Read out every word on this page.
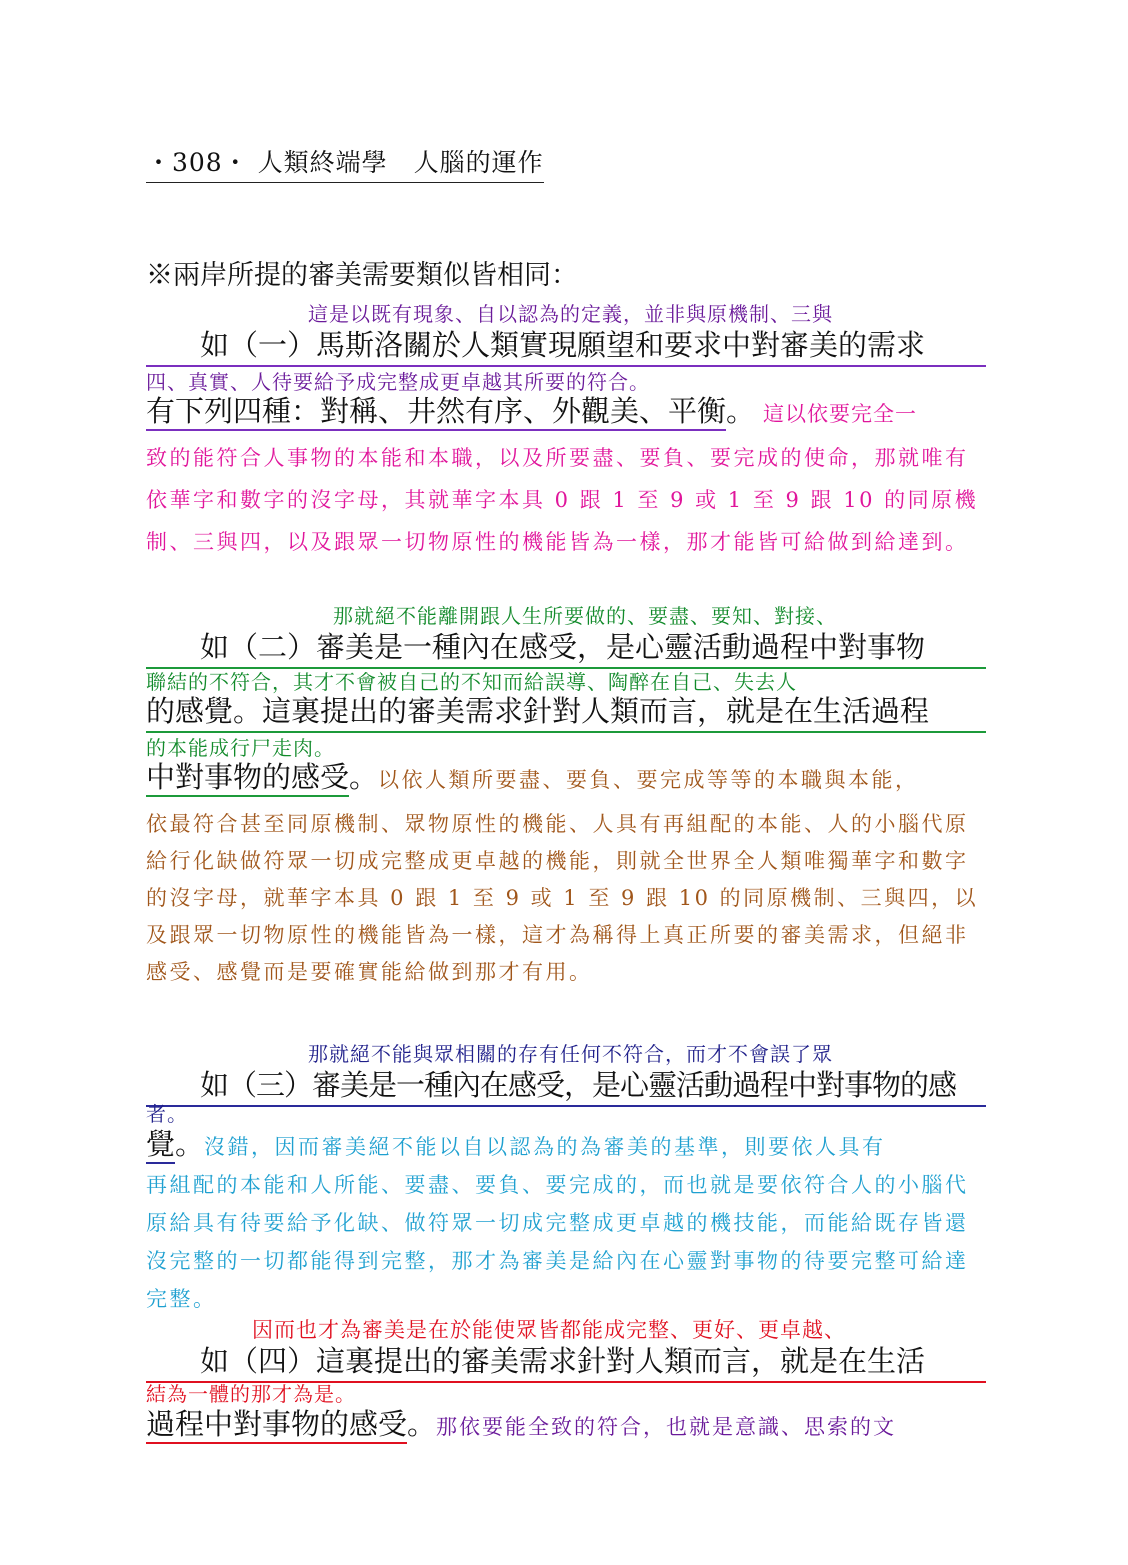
・308・ 人類終端學　人腦的運作
※兩岸所提的審美需要類似皆相同：
這是以既有現象、自以認為的定義，並非與原機制、三與
如（一）馬斯洛關於人類實現願望和要求中對審美的需求
四、真實、人待要給予成完整成更卓越其所要的符合。
有下列四種：對稱、井然有序、外觀美、平衡。 這以依要完全一
致的能符合人事物的本能和本職，以及所要盡、要負、要完成的使命，那就唯有依華字和數字的沒字母，其就華字本具 0 跟 1 至 9 或 1 至 9 跟 10 的同原機制、三與四，以及跟眾一切物原性的機能皆為一樣，那才能皆可給做到給達到。
那就絕不能離開跟人生所要做的、要盡、要知、對接、
如（二）審美是一種內在感受，是心靈活動過程中對事物
聯結的不符合，其才不會被自己的不知而給誤導、陶醉在自己、失去人
的感覺。這裏提出的審美需求針對人類而言，就是在生活過程
的本能成行尸走肉。
中對事物的感受。以依人類所要盡、要負、要完成等等的本職與本能，
依最符合甚至同原機制、眾物原性的機能、人具有再組配的本能、人的小腦代原給行化缺做符眾一切成完整成更卓越的機能，則就全世界全人類唯獨華字和數字的沒字母，就華字本具 0 跟 1 至 9 或 1 至 9 跟 10 的同原機制、三與四，以及跟眾一切物原性的機能皆為一樣，這才為稱得上真正所要的審美需求，但絕非感受、感覺而是要確實能給做到那才有用。
那就絕不能與眾相關的存有任何不符合，而才不會誤了眾
如（三）審美是一種內在感受，是心靈活動過程中對事物的感
者。
覺。沒錯，因而審美絕不能以自以認為的為審美的基準，則要依人具有
再組配的本能和人所能、要盡、要負、要完成的，而也就是要依符合人的小腦代原給具有待要給予化缺、做符眾一切成完整成更卓越的機技能，而能給既存皆還沒完整的一切都能得到完整，那才為審美是給內在心靈對事物的待要完整可給達完整。
因而也才為審美是在於能使眾皆都能成完整、更好、更卓越、
如（四）這裏提出的審美需求針對人類而言，就是在生活
結為一體的那才為是。
過程中對事物的感受。那依要能全致的符合，也就是意識、思索的文
